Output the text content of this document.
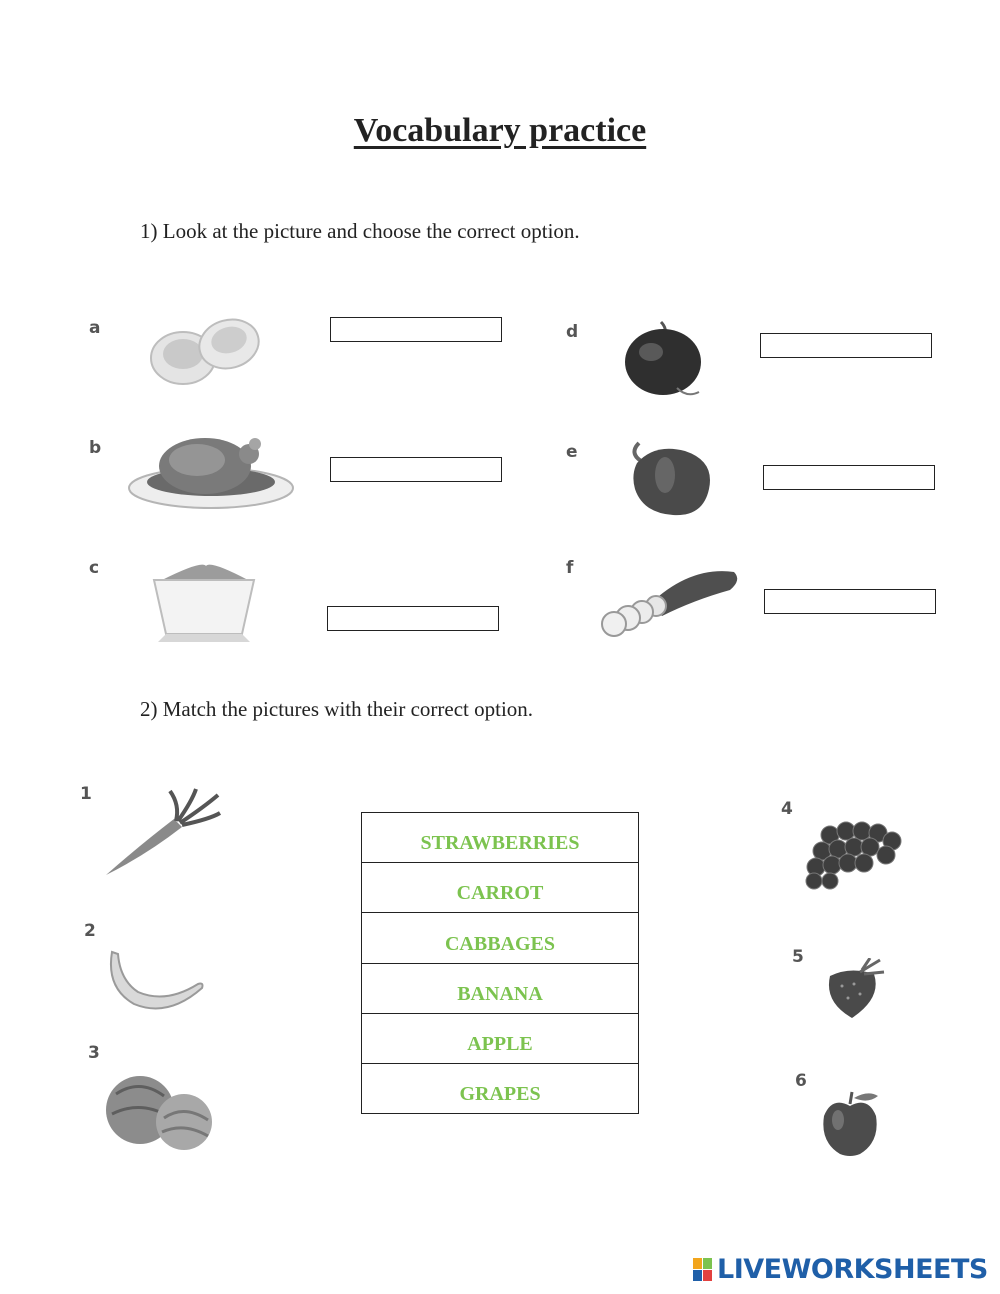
Vocabulary practice
1) Look at the picture and choose the correct option.
a
b
c
d
e
f
2) Match the pictures with their correct option.
1
2
3
4
5
6
STRAWBERRIES
CARROT
CABBAGES
BANANA
APPLE
GRAPES
LIVEWORKSHEETS
